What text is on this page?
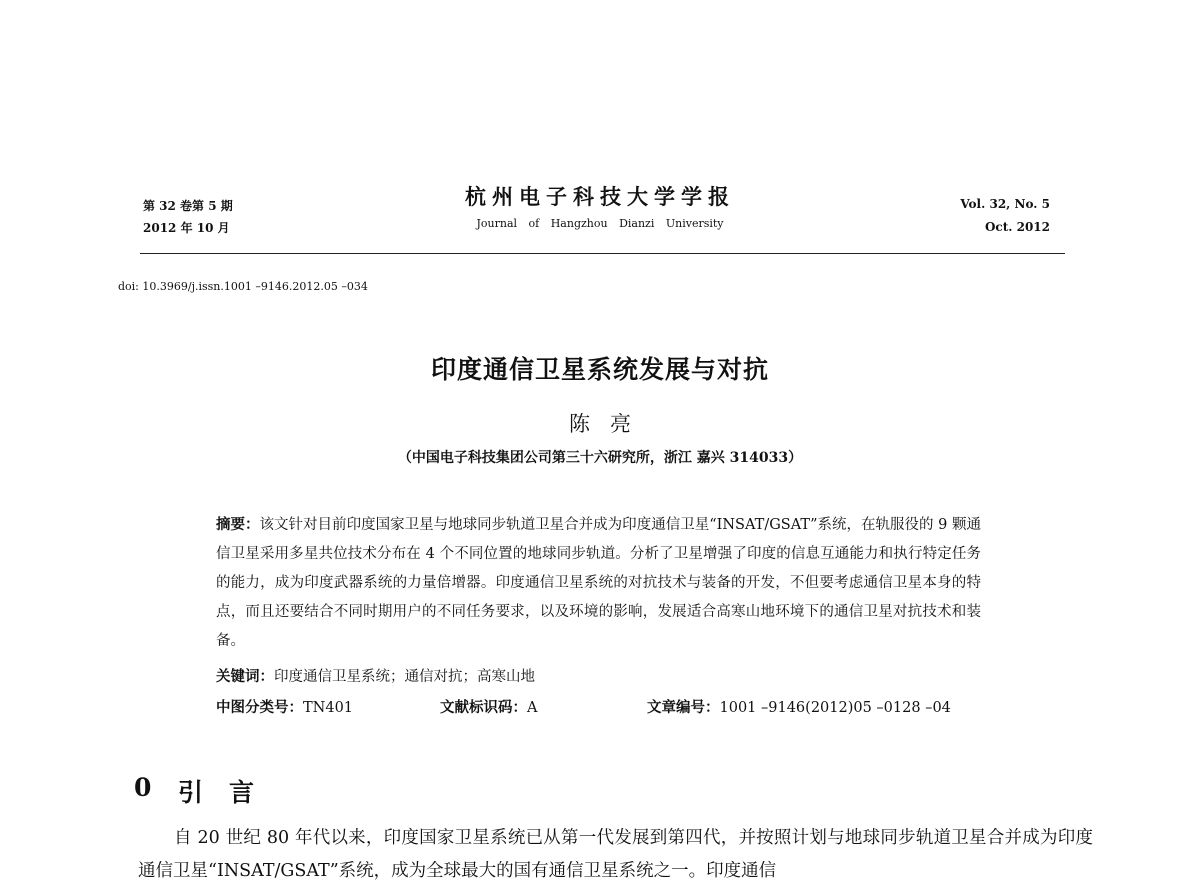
第 32 卷第 5 期
2012 年 10 月
杭州电子科技大学学报
Journal of Hangzhou Dianzi University
Vol. 32, No. 5
Oct. 2012
doi: 10.3969/j.issn.1001 –9146.2012.05 –034
印度通信卫星系统发展与对抗
陈亮
（中国电子科技集团公司第三十六研究所，浙江 嘉兴 314033）
摘要：该文针对目前印度国家卫星与地球同步轨道卫星合并成为印度通信卫星“INSAT/GSAT”系统，在轨服役的 9 颗通信卫星采用多星共位技术分布在 4 个不同位置的地球同步轨道。分析了卫星增强了印度的信息互通能力和执行特定任务的能力，成为印度武器系统的力量倍增器。印度通信卫星系统的对抗技术与装备的开发，不但要考虑通信卫星本身的特点，而且还要结合不同时期用户的不同任务要求，以及环境的影响，发展适合高寒山地环境下的通信卫星对抗技术和装备。
关键词：印度通信卫星系统；通信对抗；高寒山地
中图分类号：TN401	文献标识码：A	文章编号：1001 –9146(2012)05 –0128 –04
0 引言
自 20 世纪 80 年代以来，印度国家卫星系统已从第一代发展到第四代，并按照计划与地球同步轨道卫星合并成为印度通信卫星“INSAT/GSAT”系统，成为全球最大的国有通信卫星系统之一。印度通信
